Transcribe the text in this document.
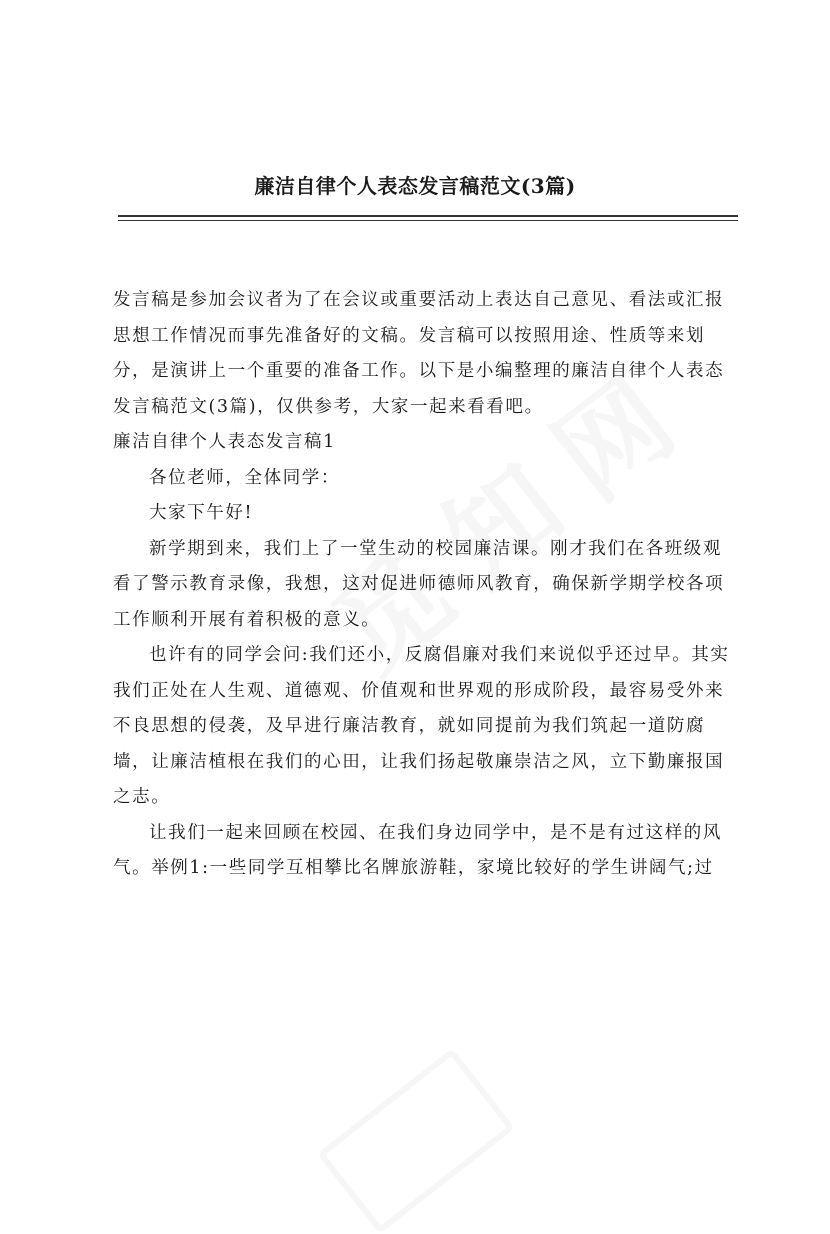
廉洁自律个人表态发言稿范文(3篇)

发言稿是参加会议者为了在会议或重要活动上表达自己意见、看法或汇报思想工作情况而事先准备好的文稿。发言稿可以按照用途、性质等来划分，是演讲上一个重要的准备工作。以下是小编整理的廉洁自律个人表态发言稿范文(3篇)，仅供参考，大家一起来看看吧。

廉洁自律个人表态发言稿1

各位老师，全体同学：

大家下午好!

新学期到来，我们上了一堂生动的校园廉洁课。刚才我们在各班级观看了警示教育录像，我想，这对促进师德师风教育，确保新学期学校各项工作顺利开展有着积极的意义。

也许有的同学会问:我们还小，反腐倡廉对我们来说似乎还过早。其实我们正处在人生观、道德观、价值观和世界观的形成阶段，最容易受外来不良思想的侵袭，及早进行廉洁教育，就如同提前为我们筑起一道防腐墙，让廉洁植根在我们的心田，让我们扬起敬廉崇洁之风，立下勤廉报国之志。

让我们一起来回顾在校园、在我们身边同学中，是不是有过这样的风气。举例1:一些同学互相攀比名牌旅游鞋，家境比较好的学生讲阔气;过
